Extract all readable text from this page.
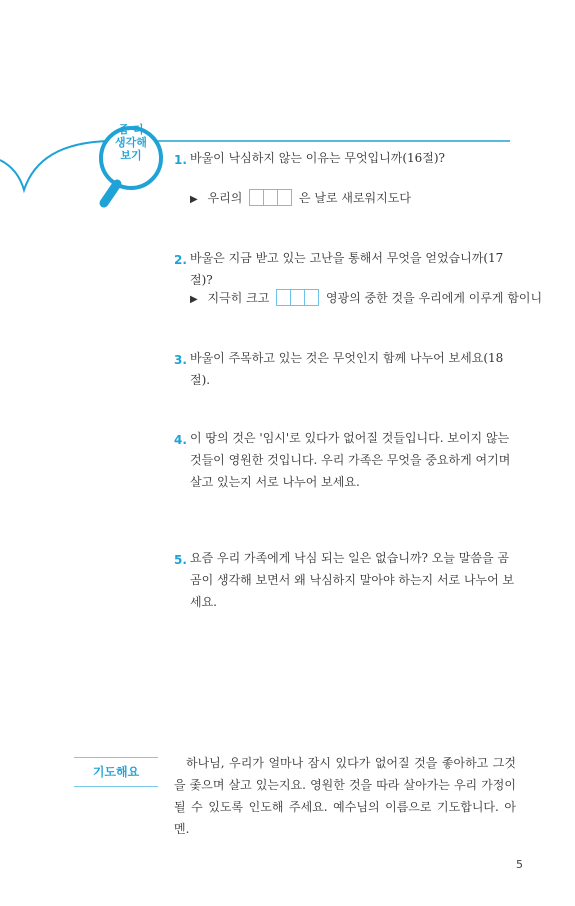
좀 더
생각해
보기	1. 바울이 낙심하지 않는 이유는 무엇입니까(16절)?
▶ 우리의	은 날로 새로워지도다
2. 바울은 지금 받고 있는 고난을 통해서 무엇을 얻었습니까(17절)?
▶ 지극히 크고	영광의 중한 것을 우리에게 이루게 함이니
3. 바울이 주목하고 있는 것은 무엇인지 함께 나누어 보세요(18절).
4. 이 땅의 것은 '임시'로 있다가 없어질 것들입니다. 보이지 않는 것들이 영원한 것입니다. 우리 가족은 무엇을 중요하게 여기며 살고 있는지 서로 나누어 보세요.
5. 요즘 우리 가족에게 낙심 되는 일은 없습니까? 오늘 말씀을 곰곰이 생각해 보면서 왜 낙심하지 말아야 하는지 서로 나누어 보세요.
기도해요
하나님, 우리가 얼마나 잠시 있다가 없어질 것을 좋아하고 그것을 좇으며 살고 있는지요. 영원한 것을 따라 살아가는 우리 가정이 될 수 있도록 인도해 주세요. 예수님의 이름으로 기도합니다. 아멘.
5
